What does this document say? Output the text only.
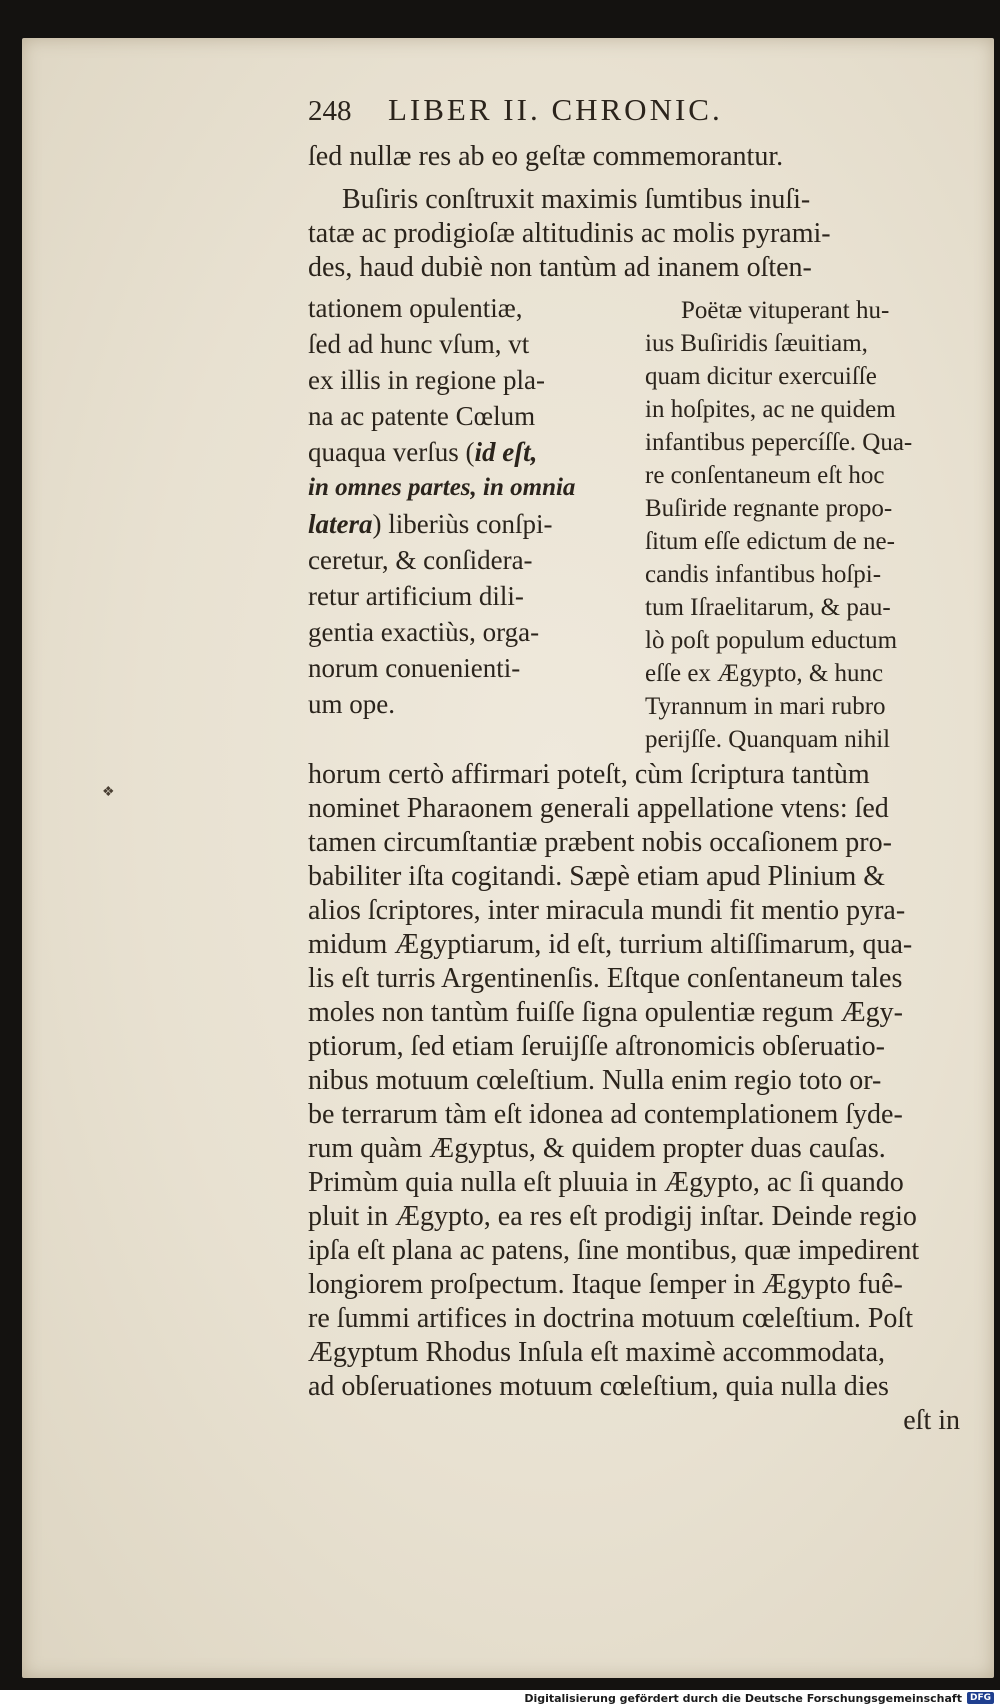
248	LIBER II. CHRONIC.
ſed nullæ res ab eo geſtæ commemorantur.
Buſiris conſtruxit maximis ſumtibus inuſi-
tatæ ac prodigioſæ altitudinis ac molis pyrami-
des, haud dubiè non tantùm ad inanem oſten-
tationem opulentiæ,
ſed ad hunc vſum, vt
ex illis in regione pla-
na ac patente Cœlum
quaqua verſus (id eſt,
in omnes partes, in omnia
latera) liberiùs conſpi-
ceretur, & conſidera-
retur artificium dili-
gentia exactiùs, orga-
norum conuenienti-
um ope.
Poëtæ vituperant hu-
ius Buſiridis ſæuitiam,
quam dicitur exercuiſſe
in hoſpites, ac ne quidem
infantibus pepercíſſe. Qua-
re conſentaneum eſt hoc
Buſiride regnante propo-
ſitum eſſe edictum de ne-
candis infantibus hoſpi-
tum Iſraelitarum, & pau-
lò poſt populum eductum
eſſe ex Ægypto, & hunc
Tyrannum in mari rubro
perijſſe. Quanquam nihil
horum certò affirmari poteſt, cùm ſcriptura tantùm
nominet Pharaonem generali appellatione vtens: ſed
tamen circumſtantiæ præbent nobis occaſionem pro-
babiliter iſta cogitandi. Sæpè etiam apud Plinium &
alios ſcriptores, inter miracula mundi fit mentio pyra-
midum Ægyptiarum, id eſt, turrium altiſſimarum, qua-
lis eſt turris Argentinenſis. Eſtque conſentaneum tales
moles non tantùm fuiſſe ſigna opulentiæ regum Ægy-
ptiorum, ſed etiam ſeruijſſe aſtronomicis obſeruatio-
nibus motuum cœleſtium. Nulla enim regio toto or-
be terrarum tàm eſt idonea ad contemplationem ſyde-
rum quàm Ægyptus, & quidem propter duas cauſas.
Primùm quia nulla eſt pluuia in Ægypto, ac ſi quando
pluit in Ægypto, ea res eſt prodigij inſtar. Deinde regio
ipſa eſt plana ac patens, ſine montibus, quæ impedirent
longiorem proſpectum. Itaque ſemper in Ægypto fuê-
re ſummi artifices in doctrina motuum cœleſtium. Poſt
Ægyptum Rhodus Inſula eſt maximè accommodata,
ad obſeruationes motuum cœleſtium, quia nulla dies
eſt in
❖
Digitalisierung gefördert durch die Deutsche Forschungsgemeinschaft DFG
